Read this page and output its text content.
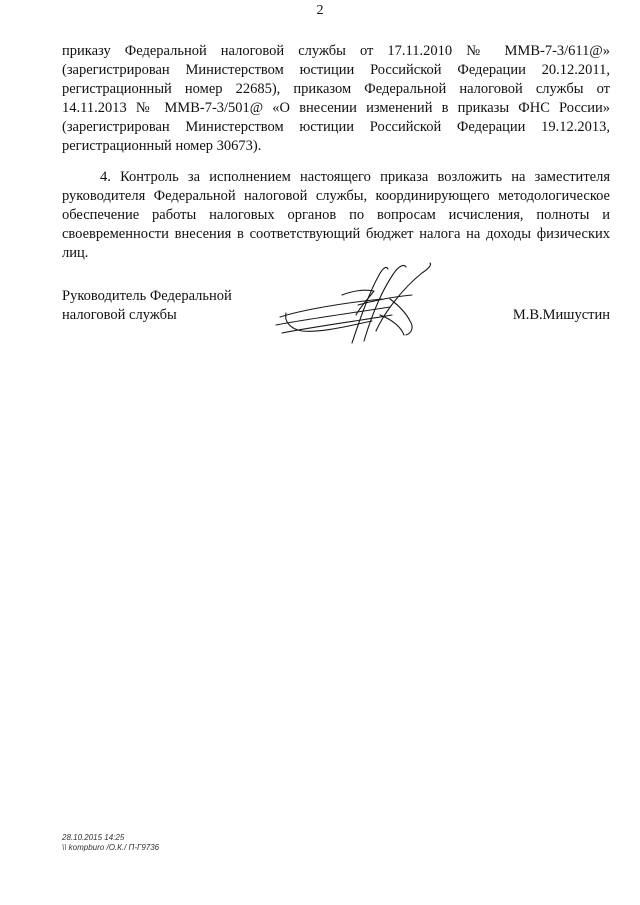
2

приказу Федеральной налоговой службы от 17.11.2010 № ММВ-7-3/611@» (зарегистрирован Министерством юстиции Российской Федерации 20.12.2011, регистрационный номер 22685), приказом Федеральной налоговой службы от 14.11.2013 № ММВ-7-3/501@ «О внесении изменений в приказы ФНС России» (зарегистрирован Министерством юстиции Российской Федерации 19.12.2013, регистрационный номер 30673).

4. Контроль за исполнением настоящего приказа возложить на заместителя руководителя Федеральной налоговой службы, координирующего методологическое обеспечение работы налоговых органов по вопросам исчисления, полноты и своевременности внесения в соответствующий бюджет налога на доходы физических лиц.

Руководитель Федеральной
налоговой службы	М.В.Мишустин
28.10.2015 14:25
\\ kompburo /О.К./ П-Г9736
